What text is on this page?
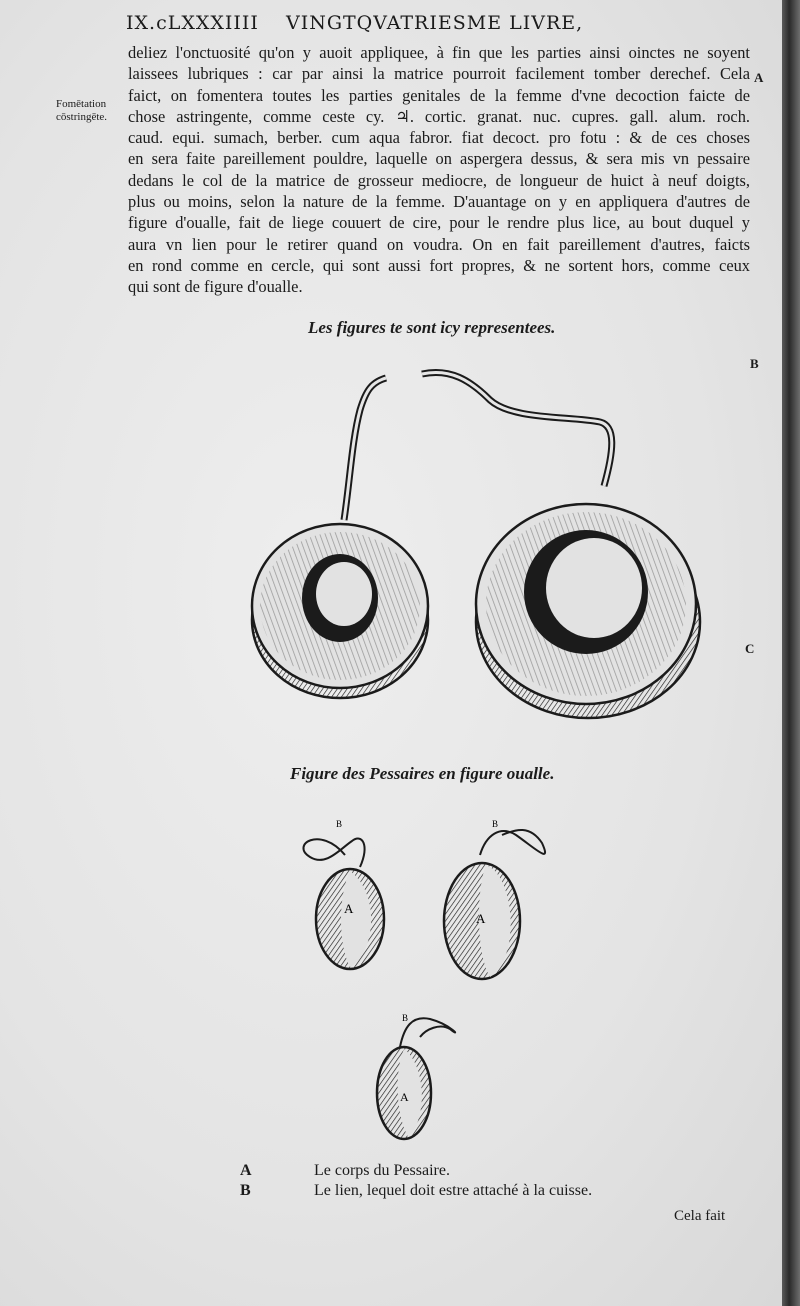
IX.cLXXXIIII VINGTQVATRIESME LIVRE,
deliez l'onctuosité qu'on y auoit appliquee, à fin que les parties ainsi oinctes ne soyent
laissees lubriques : car par ainsi la matrice pourroit facilement tomber derechef. Cela
faict, on fomentera toutes les parties genitales de la femme d'vne decoction faicte de
chose astringente, comme ceste cy. ♃. cortic. granat. nuc. cupres. gall. alum. roch.
caud. equi. sumach, berber. cum aqua fabror. fiat decoct. pro fotu : & de ces choses
en sera faite pareillement pouldre, laquelle on aspergera dessus, & sera mis vn pessaire
dedans le col de la matrice de grosseur mediocre, de longueur de huict à neuf doigts,
plus ou moins, selon la nature de la femme. D'auantage on y en appliquera d'autres de
figure d'oualle, fait de liege couuert de cire, pour le rendre plus lice, au bout duquel y
aura vn lien pour le retirer quand on voudra. On en fait pareillement d'autres, faicts
en rond comme en cercle, qui sont aussi fort propres, & ne sortent hors, comme ceux
qui sont de figure d'oualle.
Fomētation
cōstringēte.
A
B
C
Les figures te sont icy representees.
Figure des Pessaires en figure oualle.
A
B
A
B
A
B
A	Le corps du Pessaire.
B	Le lien, lequel doit estre attaché à la cuisse.
Cela fait
